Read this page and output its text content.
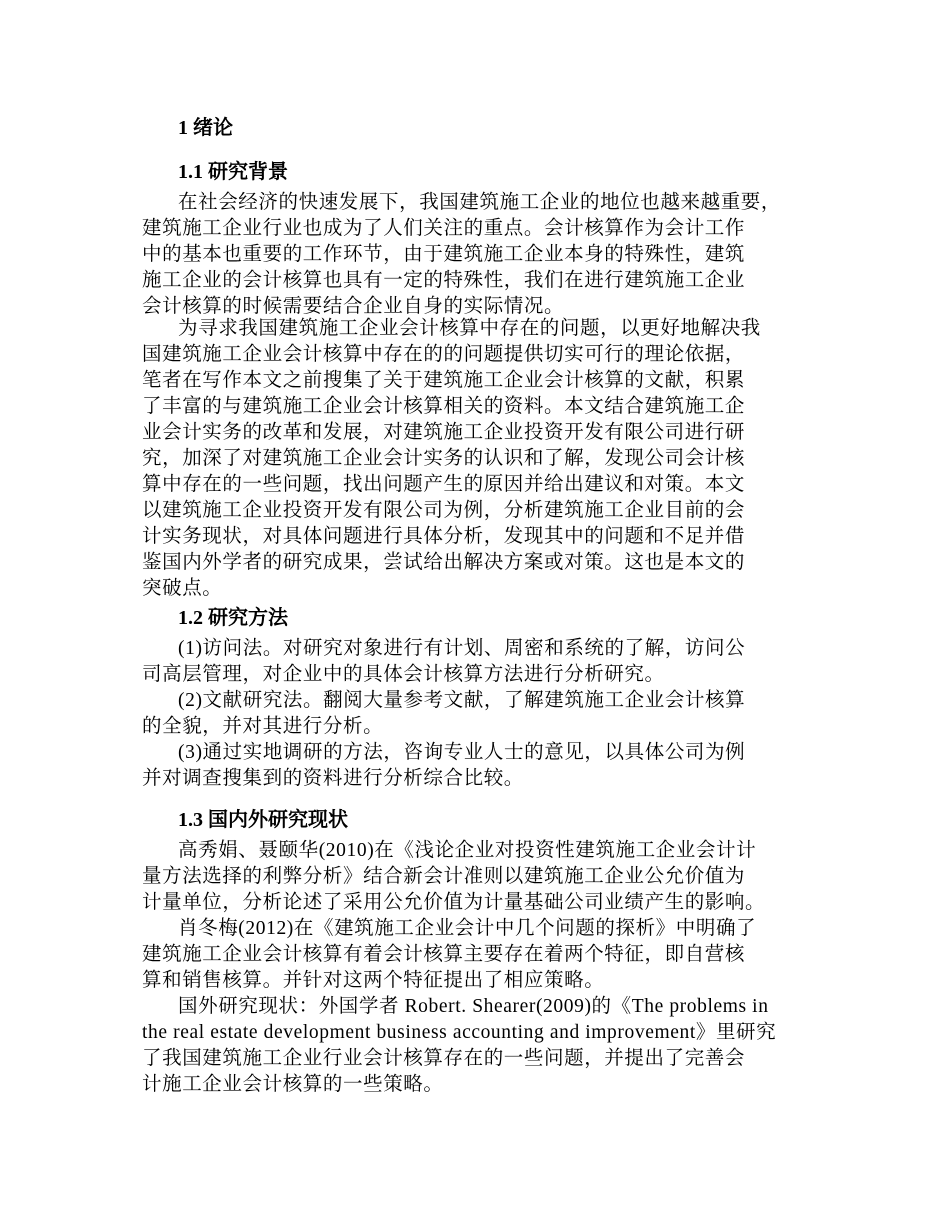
1 绪论
1.1 研究背景
在社会经济的快速发展下，我国建筑施工企业的地位也越来越重要，
建筑施工企业行业也成为了人们关注的重点。会计核算作为会计工作
中的基本也重要的工作环节，由于建筑施工企业本身的特殊性，建筑
施工企业的会计核算也具有一定的特殊性，我们在进行建筑施工企业
会计核算的时候需要结合企业自身的实际情况。
为寻求我国建筑施工企业会计核算中存在的问题，以更好地解决我
国建筑施工企业会计核算中存在的的问题提供切实可行的理论依据，
笔者在写作本文之前搜集了关于建筑施工企业会计核算的文献，积累
了丰富的与建筑施工企业会计核算相关的资料。本文结合建筑施工企
业会计实务的改革和发展，对建筑施工企业投资开发有限公司进行研
究，加深了对建筑施工企业会计实务的认识和了解，发现公司会计核
算中存在的一些问题，找出问题产生的原因并给出建议和对策。本文
以建筑施工企业投资开发有限公司为例，分析建筑施工企业目前的会
计实务现状，对具体问题进行具体分析，发现其中的问题和不足并借
鉴国内外学者的研究成果，尝试给出解决方案或对策。这也是本文的
突破点。
1.2 研究方法
(1)访问法。对研究对象进行有计划、周密和系统的了解，访问公
司高层管理，对企业中的具体会计核算方法进行分析研究。
(2)文献研究法。翻阅大量参考文献，了解建筑施工企业会计核算
的全貌，并对其进行分析。
(3)通过实地调研的方法，咨询专业人士的意见，以具体公司为例
并对调查搜集到的资料进行分析综合比较。
1.3 国内外研究现状
高秀娟、聂颐华(2010)在《浅论企业对投资性建筑施工企业会计计
量方法选择的利弊分析》结合新会计准则以建筑施工企业公允价值为
计量单位，分析论述了采用公允价值为计量基础公司业绩产生的影响。
肖冬梅(2012)在《建筑施工企业会计中几个问题的探析》中明确了
建筑施工企业会计核算有着会计核算主要存在着两个特征，即自营核
算和销售核算。并针对这两个特征提出了相应策略。
国外研究现状：外国学者 Robert. Shearer(2009)的《The problems in
the real estate development business accounting and improvement》里研究
了我国建筑施工企业行业会计核算存在的一些问题，并提出了完善会
计施工企业会计核算的一些策略。
